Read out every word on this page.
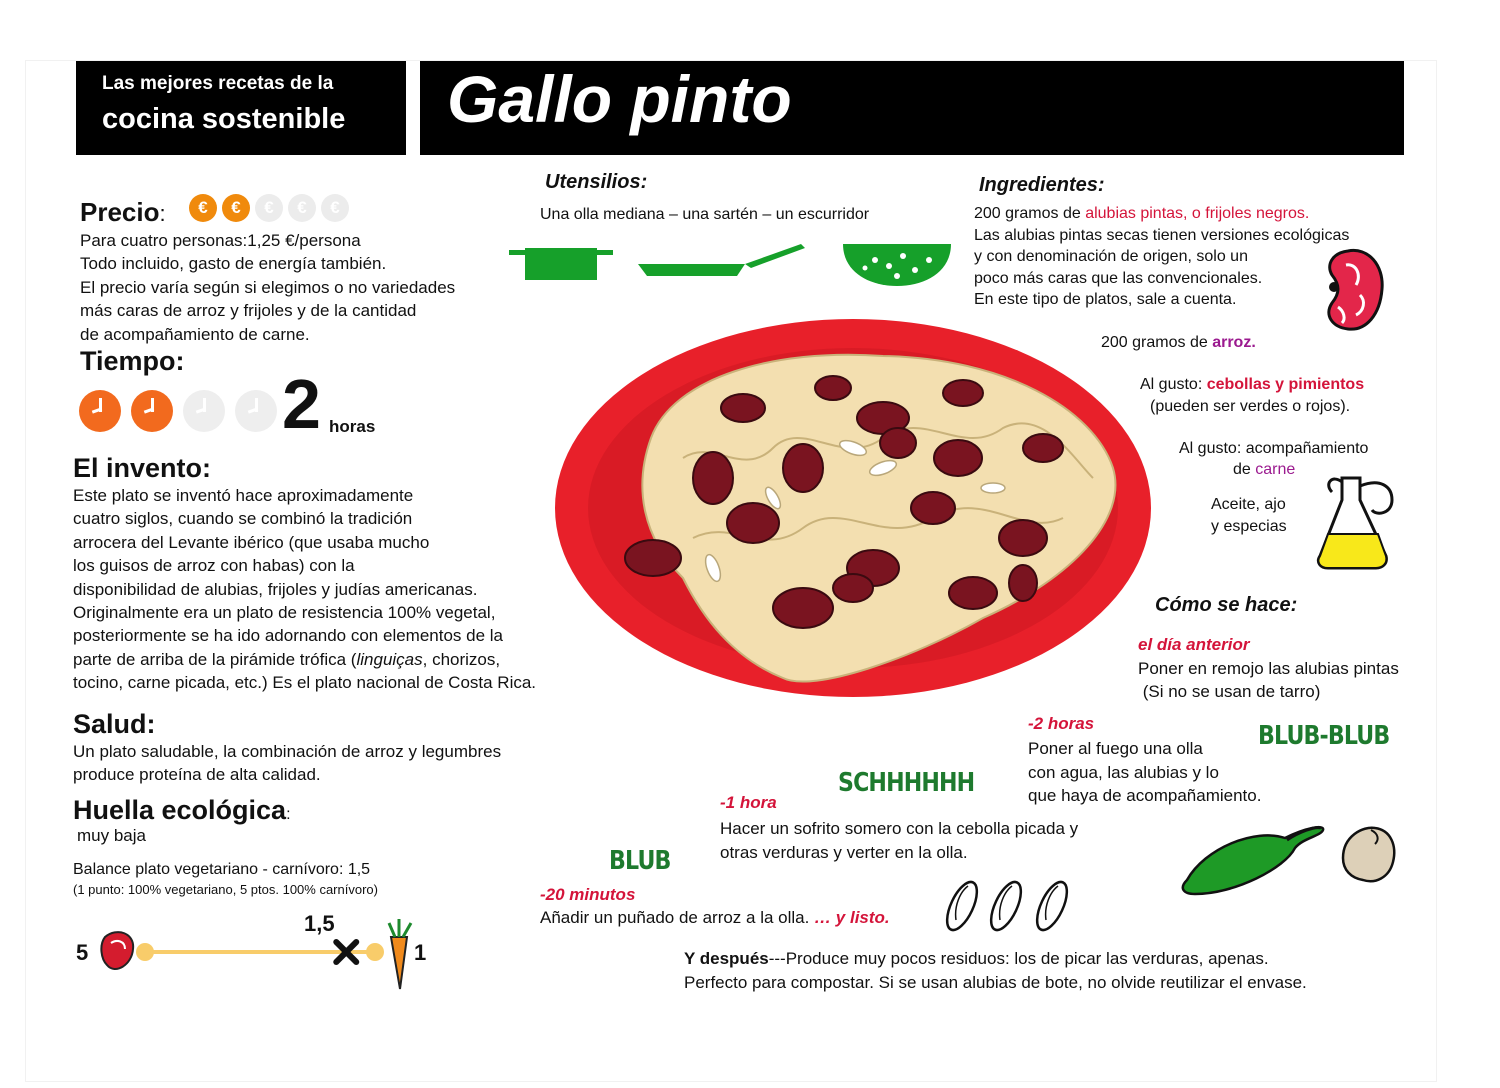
Las mejores recetas de la
cocina sostenible Gallo pinto
Precio:	€ € € € €
Para cuatro personas:1,25 €/persona
Todo incluido, gasto de energía también.
El precio varía según si elegimos o no variedades
más caras de arroz y frijoles y de la cantidad
de acompañamiento de carne.
Tiempo:
2 horas
El invento:
Este plato se inventó hace aproximadamente
cuatro siglos, cuando se combinó la tradición
arrocera del Levante ibérico (que usaba mucho
los guisos de arroz con habas) con la
disponibilidad de alubias, frijoles y judías americanas.
Originalmente era un plato de resistencia 100% vegetal,
posteriormente se ha ido adornando con elementos de la
parte de arriba de la pirámide trófica (linguiças, chorizos,
tocino, carne picada, etc.) Es el plato nacional de Costa Rica.
Salud:
Un plato saludable, la combinación de arroz y legumbres
produce proteína de alta calidad.
Huella ecológica:
muy baja
Balance plato vegetariano - carnívoro: 1,5
(1 punto: 100% vegetariano, 5 ptos. 100% carnívoro)
5	1
1,5
Utensilios:
Una olla mediana – una sartén – un escurridor
Ingredientes:
200 gramos de alubias pintas, o frijoles negros.
Las alubias pintas secas tienen versiones ecológicas
y con denominación de origen, solo un
poco más caras que las convencionales.
En este tipo de platos, sale a cuenta.
200 gramos de arroz.
Al gusto: cebollas y pimientos
(pueden ser verdes o rojos).
Al gusto: acompañamiento
de carne
Aceite, ajo
y especias
Cómo se hace:
el día anterior
Poner en remojo las alubias pintas
(Si no se usan de tarro)
-2 horas
Poner al fuego una olla
con agua, las alubias y lo
que haya de acompañamiento.
BLUB-BLUB
SCHHHHHH
-1 hora
Hacer un sofrito somero con la cebolla picada y
otras verduras y verter en la olla.
BLUB
-20 minutos
Añadir un puñado de arroz a la olla. … y listo.
Y después---Produce muy pocos residuos: los de picar las verduras, apenas.
Perfecto para compostar. Si se usan alubias de bote, no olvide reutilizar el envase.
